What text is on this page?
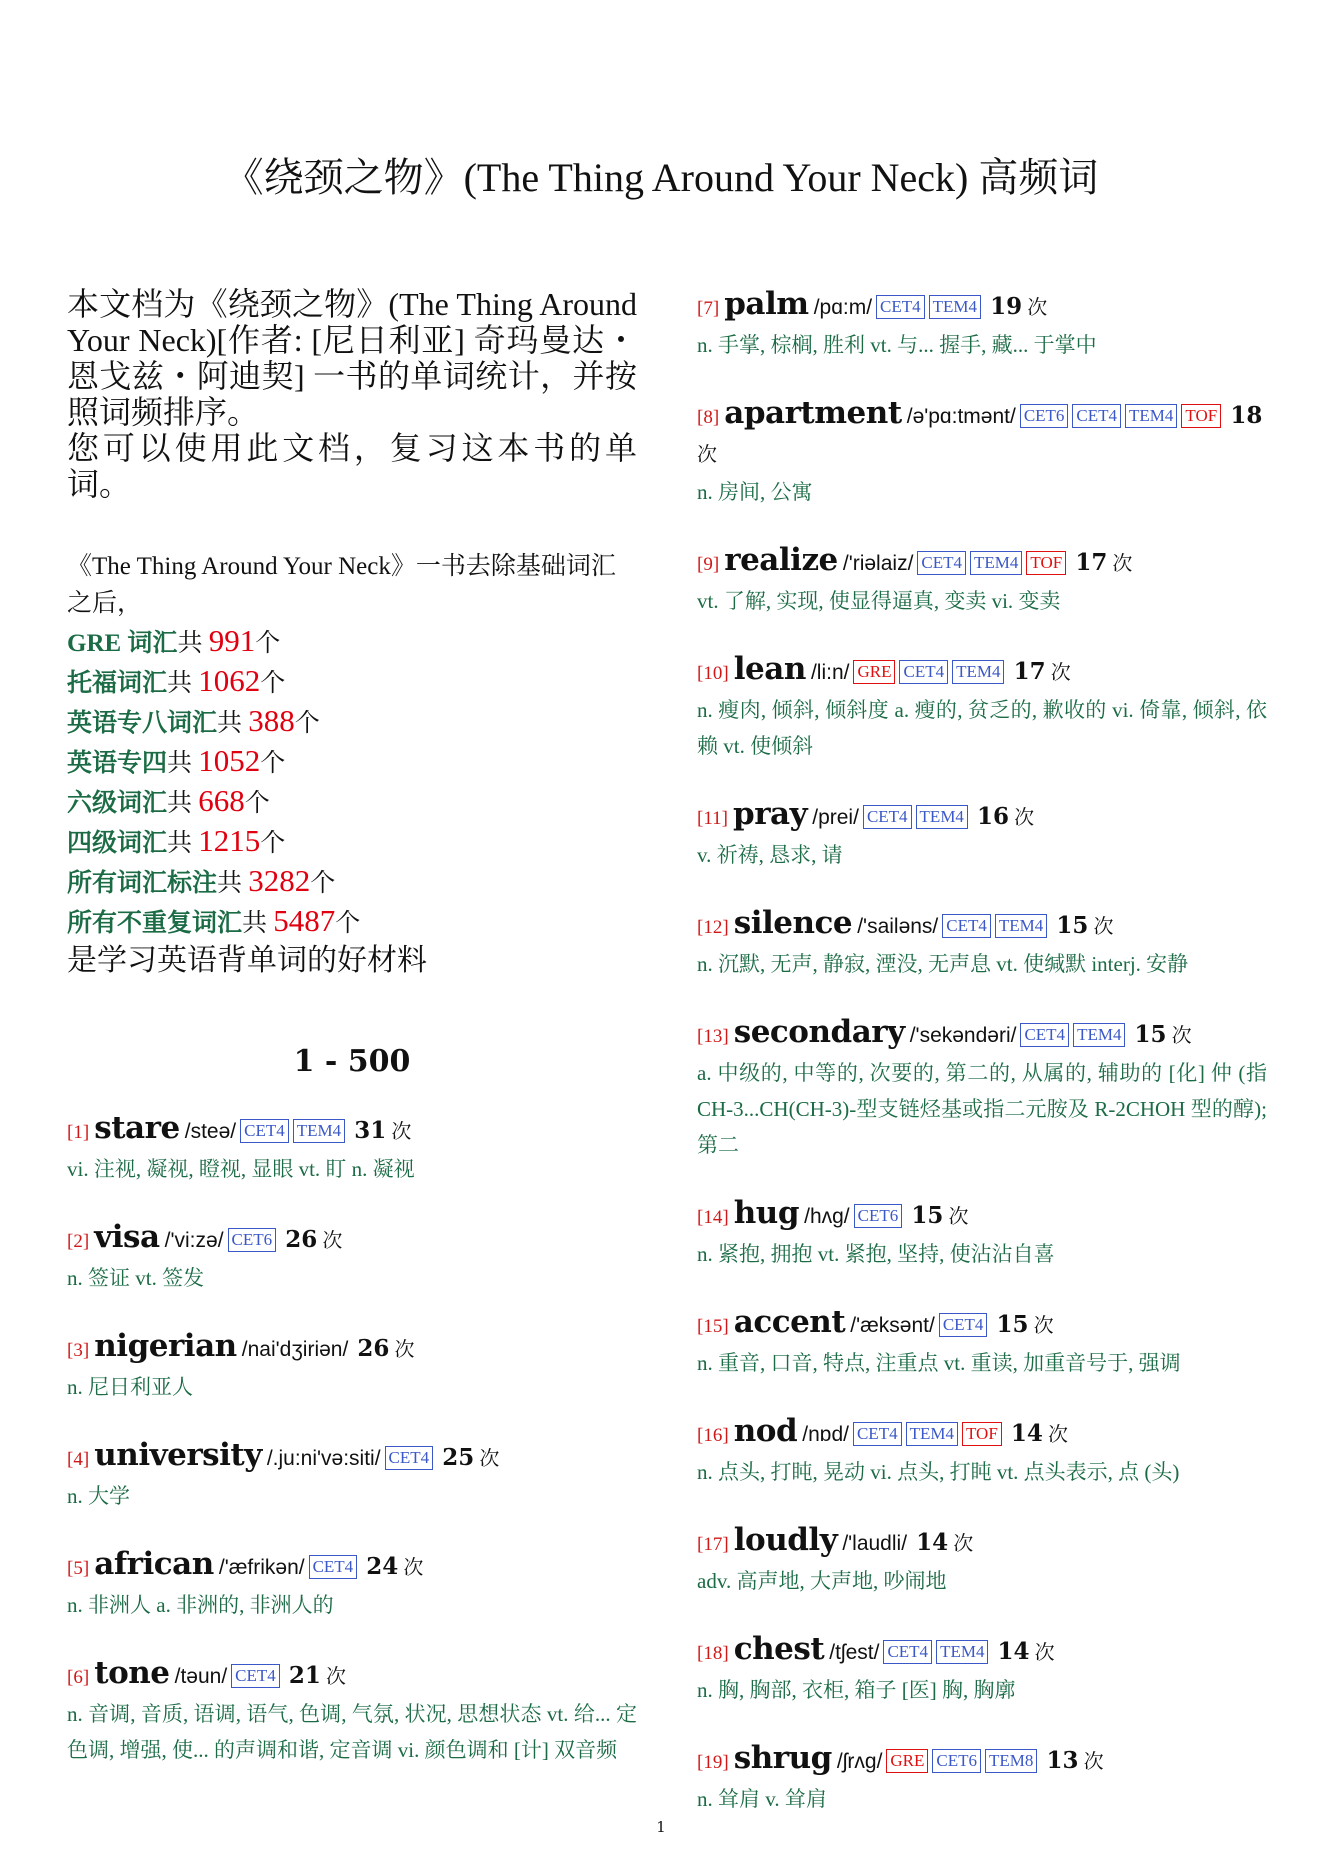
《绕颈之物》(The Thing Around Your Neck) 高频词
本文档为《绕颈之物》(The Thing Around Your Neck)[作者: [尼日利亚] 奇玛曼达・恩戈兹・阿迪契] 一书的单词统计，并按照词频排序。
您可以使用此文档，复习这本书的单词。
《The Thing Around Your Neck》一书去除基础词汇之后，
GRE 词汇共 991个
托福词汇共 1062个
英语专八词汇共 388个
英语专四共 1052个
六级词汇共 668个
四级词汇共 1215个
所有词汇标注共 3282个
所有不重复词汇共 5487个
是学习英语背单词的好材料
1 - 500
[1] stare /steə/ CET4 TEM4 31 次
vi. 注视, 凝视, 瞪视, 显眼 vt. 盯 n. 凝视
[2] visa /'vi:zə/ CET6 26 次
n. 签证 vt. 签发
[3] nigerian /nai'dʒiriən/ 26 次
n. 尼日利亚人
[4] university /.ju:ni'və:siti/ CET4 25 次
n. 大学
[5] african /'æfrikən/ CET4 24 次
n. 非洲人 a. 非洲的, 非洲人的
[6] tone /təun/ CET4 21 次
n. 音调, 音质, 语调, 语气, 色调, 气氛, 状况, 思想状态 vt. 给... 定色调, 增强, 使... 的声调和谐, 定音调 vi. 颜色调和 [计] 双音频
[7] palm /pɑ:m/ CET4 TEM4 19 次
n. 手掌, 棕榈, 胜利 vt. 与... 握手, 藏... 于掌中
[8] apartment /ə'pɑ:tmənt/ CET6 CET4 TEM4 TOF 18 次
n. 房间, 公寓
[9] realize /'riəlaiz/ CET4 TEM4 TOF 17 次
vt. 了解, 实现, 使显得逼真, 变卖 vi. 变卖
[10] lean /li:n/ GRE CET4 TEM4 17 次
n. 瘦肉, 倾斜, 倾斜度 a. 瘦的, 贫乏的, 歉收的 vi. 倚靠, 倾斜, 依赖 vt. 使倾斜
[11] pray /prei/ CET4 TEM4 16 次
v. 祈祷, 恳求, 请
[12] silence /'sailəns/ CET4 TEM4 15 次
n. 沉默, 无声, 静寂, 湮没, 无声息 vt. 使缄默 interj. 安静
[13] secondary /'sekəndəri/ CET4 TEM4 15 次
a. 中级的, 中等的, 次要的, 第二的, 从属的, 辅助的 [化] 仲 (指 CH-3...CH(CH-3)-型支链烃基或指二元胺及 R-2CHOH 型的醇); 第二
[14] hug /hʌg/ CET6 15 次
n. 紧抱, 拥抱 vt. 紧抱, 坚持, 使沾沾自喜
[15] accent /'æksənt/ CET4 15 次
n. 重音, 口音, 特点, 注重点 vt. 重读, 加重音号于, 强调
[16] nod /nɒd/ CET4 TEM4 TOF 14 次
n. 点头, 打盹, 晃动 vi. 点头, 打盹 vt. 点头表示, 点 (头)
[17] loudly /'laudli/ 14 次
adv. 高声地, 大声地, 吵闹地
[18] chest /tʃest/ CET4 TEM4 14 次
n. 胸, 胸部, 衣柜, 箱子 [医] 胸, 胸廓
[19] shrug /ʃrʌg/ GRE CET6 TEM8 13 次
n. 耸肩 v. 耸肩
1
